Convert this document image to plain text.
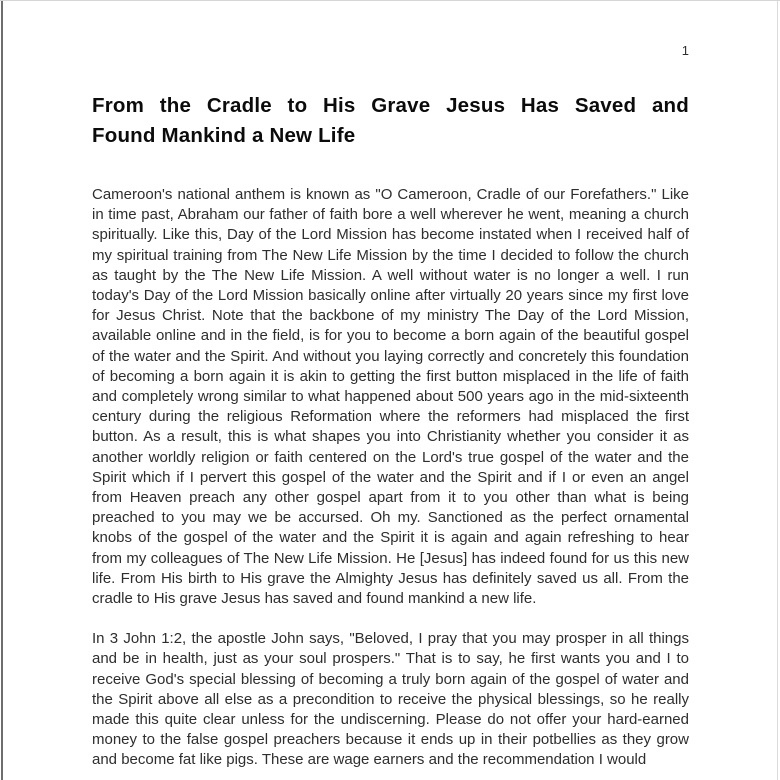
1
From the Cradle to His Grave Jesus Has Saved and
Found Mankind a New Life

Cameroon's national anthem is known as "O Cameroon, Cradle of our Forefathers." Like in time past, Abraham our father of faith bore a well wherever he went, meaning a church spiritually. Like this, Day of the Lord Mission has become instated when I received half of my spiritual training from The New Life Mission by the time I decided to follow the church as taught by the The New Life Mission. A well without water is no longer a well. I run today's Day of the Lord Mission basically online after virtually 20 years since my first love for Jesus Christ. Note that the backbone of my ministry The Day of the Lord Mission, available online and in the field, is for you to become a born again of the beautiful gospel of the water and the Spirit. And without you laying correctly and concretely this foundation of becoming a born again it is akin to getting the first button misplaced in the life of faith and completely wrong similar to what happened about 500 years ago in the mid-sixteenth century during the religious Reformation where the reformers had misplaced the first button. As a result, this is what shapes you into Christianity whether you consider it as another worldly religion or faith centered on the Lord's true gospel of the water and the Spirit which if I pervert this gospel of the water and the Spirit and if I or even an angel from Heaven preach any other gospel apart from it to you other than what is being preached to you may we be accursed. Oh my. Sanctioned as the perfect ornamental knobs of the gospel of the water and the Spirit it is again and again refreshing to hear from my colleagues of The New Life Mission. He [Jesus] has indeed found for us this new life. From His birth to His grave the Almighty Jesus has definitely saved us all. From the cradle to His grave Jesus has saved and found mankind a new life.

In 3 John 1:2, the apostle John says, "Beloved, I pray that you may prosper in all things and be in health, just as your soul prospers." That is to say, he first wants you and I to receive God's special blessing of becoming a truly born again of the gospel of water and the Spirit above all else as a precondition to receive the physical blessings, so he really made this quite clear unless for the undiscerning. Please do not offer your hard-earned money to the false gospel preachers because it ends up in their potbellies as they grow and become fat like pigs. These are wage earners and the recommendation I would
